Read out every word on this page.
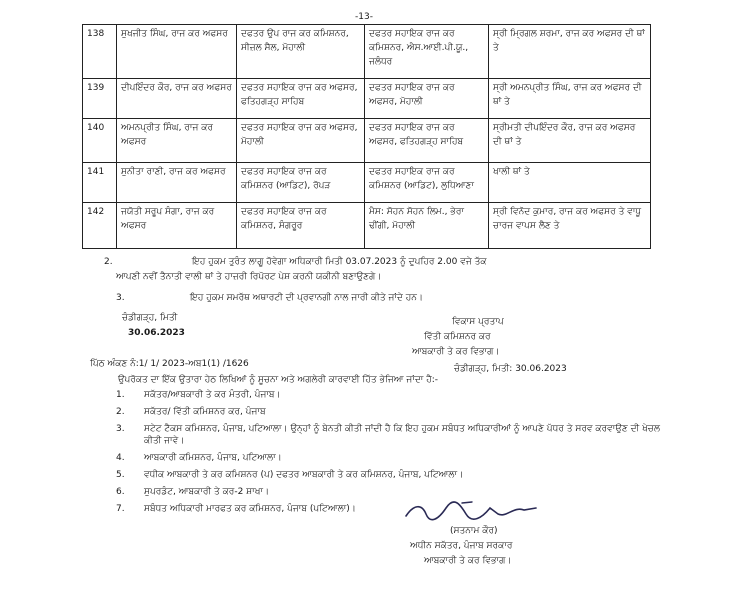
-13-
138	ਸੁਖਜੀਤ ਸਿੰਘ, ਰਾਜ ਕਰ ਅਫਸਰ	ਦਫਤਰ ਉਪ ਰਾਜ ਕਰ ਕਮਿਸ਼ਨਰ, ਸੀਜ਼ਲ ਸੈਲ, ਮੋਹਾਲੀ	ਦਫਤਰ ਸਹਾਇਕ ਰਾਜ ਕਰ ਕਮਿਸ਼ਨਰ, ਐਸ.ਆਈ.ਪੀ.ਯੂ., ਜਲੰਧਰ	ਸ੍ਰੀ ਮ੍ਰਿਗਲ ਸ਼ਰਮਾ, ਰਾਜ ਕਰ ਅਫਸਰ ਦੀ ਥਾਂ ਤੇ
139	ਦੀਪਇੰਦਰ ਕੌਰ, ਰਾਜ ਕਰ ਅਫਸਰ	ਦਫਤਰ ਸਹਾਇਕ ਰਾਜ ਕਰ ਅਫਸਰ, ਫਤਿਹਗੜ੍ਹ ਸਾਹਿਬ	ਦਫਤਰ ਸਹਾਇਕ ਰਾਜ ਕਰ ਅਫਸਰ, ਮੋਹਾਲੀ	ਸ੍ਰੀ ਅਮਨਪ੍ਰੀਤ ਸਿੰਘ, ਰਾਜ ਕਰ ਅਫਸਰ ਦੀ ਥਾਂ ਤੇ
140	ਅਮਨਪ੍ਰੀਤ ਸਿੰਘ, ਰਾਜ ਕਰ ਅਫਸਰ	ਦਫਤਰ ਸਹਾਇਕ ਰਾਜ ਕਰ ਅਫਸਰ, ਮੋਹਾਲੀ	ਦਫਤਰ ਸਹਾਇਕ ਰਾਜ ਕਰ ਅਫਸਰ, ਫਤਿਹਗੜ੍ਹ ਸਾਹਿਬ	ਸ੍ਰੀਮਤੀ ਦੀਪਇੰਦਰ ਕੌਰ, ਰਾਜ ਕਰ ਅਫਸਰ ਦੀ ਥਾਂ ਤੇ
141	ਸੁਨੀਤਾ ਰਾਣੀ, ਰਾਜ ਕਰ ਅਫਸਰ	ਦਫਤਰ ਸਹਾਇਕ ਰਾਜ ਕਰ ਕਮਿਸ਼ਨਰ (ਆਡਿਟ), ਰੋਪੜ	ਦਫਤਰ ਸਹਾਇਕ ਰਾਜ ਕਰ ਕਮਿਸ਼ਨਰ (ਆਡਿਟ), ਲੁਧਿਆਣਾ	ਖਾਲੀ ਥਾਂ ਤੇ
142	ਜਯੋਤੀ ਸਰੂਪ ਸੰਗਾ, ਰਾਜ ਕਰ ਅਫਸਰ	ਦਫਤਰ ਸਹਾਇਕ ਰਾਜ ਕਰ ਕਮਿਸ਼ਨਰ, ਸੰਗਰੂਰ	ਮੈਸ: ਸੋਹਨ ਸੋਹਨ ਲਿਮ., ਭੇਰਾ ਢੀਂਗੀ, ਮੋਹਾਲੀ	ਸ੍ਰੀ ਵਿਨੋਦ ਕੁਮਾਰ, ਰਾਜ ਕਰ ਅਫਸਰ ਤੇ ਵਾਧੂ ਚਾਰਜ ਵਾਪਸ ਲੈਣ ਤੇ
2.	ਇਹ ਹੁਕਮ ਤੁਰੰਤ ਲਾਗੂ ਹੋਵੇਗਾ ਅਧਿਕਾਰੀ ਮਿਤੀ 03.07.2023 ਨੂੰ ਦੁਪਹਿਰ 2.00 ਵਜੇ ਤੱਕ
ਆਪਣੀ ਨਵੀਂ ਤੈਨਾਤੀ ਵਾਲੀ ਥਾਂ ਤੇ ਹਾਜ਼ਰੀ ਰਿਪੋਰਟ ਪੇਸ਼ ਕਰਨੀ ਯਕੀਨੀ ਬਣਾਉਣਗੇ।
3.	ਇਹ ਹੁਕਮ ਸਮਰੱਥ ਅਥਾਰਟੀ ਦੀ ਪ੍ਰਵਾਨਗੀ ਨਾਲ ਜਾਰੀ ਕੀਤੇ ਜਾਂਦੇ ਹਨ।
ਚੰਡੀਗੜ੍ਹ, ਮਿਤੀ
30.06.2023
ਵਿਕਾਸ ਪ੍ਰਤਾਪ
ਵਿੱਤੀ ਕਮਿਸ਼ਨਰ ਕਰ
ਆਬਕਾਰੀ ਤੇ ਕਰ ਵਿਭਾਗ।
ਪਿੱਠ ਅੰਕਣ ਨੰ:1/ 1/ 2023-ਅਬ1(1) /1626	ਚੰਡੀਗੜ੍ਹ, ਮਿਤੀ: 30.06.2023
ਉਪਰੋਕਤ ਦਾ ਇੱਕ ਉਤਾਰਾ ਹੇਠ ਲਿਖਿਆਂ ਨੂੰ ਸੂਚਨਾ ਅਤੇ ਅਗਲੇਰੀ ਕਾਰਵਾਈ ਹਿੱਤ ਭੇਜਿਆ ਜਾਂਦਾ ਹੈ:-
1.	ਸਕੱਤਰ/ਆਬਕਾਰੀ ਤੇ ਕਰ ਮੰਤਰੀ, ਪੰਜਾਬ।
2.	ਸਕੱਤਰ/ ਵਿੱਤੀ ਕਮਿਸ਼ਨਰ ਕਰ, ਪੰਜਾਬ
3.	ਸਟੇਟ ਟੈਕਸ ਕਮਿਸ਼ਨਰ, ਪੰਜਾਬ, ਪਟਿਆਲਾ। ਉਨ੍ਹਾਂ ਨੂੰ ਬੇਨਤੀ ਕੀਤੀ ਜਾਂਦੀ ਹੈ ਕਿ ਇਹ ਹੁਕਮ ਸਬੰਧਤ ਅਧਿਕਾਰੀਆਂ ਨੂੰ ਆਪਣੇ ਪੱਧਰ ਤੇ ਸਰਵ ਕਰਵਾਉਣ ਦੀ ਖੇਚਲ ਕੀਤੀ ਜਾਵੇ।
4.	ਆਬਕਾਰੀ ਕਮਿਸ਼ਨਰ, ਪੰਜਾਬ, ਪਟਿਆਲਾ।
5.	ਵਧੀਕ ਆਬਕਾਰੀ ਤੇ ਕਰ ਕਮਿਸ਼ਨਰ (ਪ) ਦਫਤਰ ਆਬਕਾਰੀ ਤੇ ਕਰ ਕਮਿਸ਼ਨਰ, ਪੰਜਾਬ, ਪਟਿਆਲਾ।
6.	ਸੁਪਰਡੰਟ, ਆਬਕਾਰੀ ਤੇ ਕਰ-2 ਸ਼ਾਖਾ।
7.	ਸਬੰਧਤ ਅਧਿਕਾਰੀ ਮਾਰਫਤ ਕਰ ਕਮਿਸ਼ਨਰ, ਪੰਜਾਬ (ਪਟਿਆਲਾ)।
(ਸਤਨਾਮ ਕੌਰ)
ਅਧੀਨ ਸਕੱਤਰ, ਪੰਜਾਬ ਸਰਕਾਰ
ਆਬਕਾਰੀ ਤੇ ਕਰ ਵਿਭਾਗ।
